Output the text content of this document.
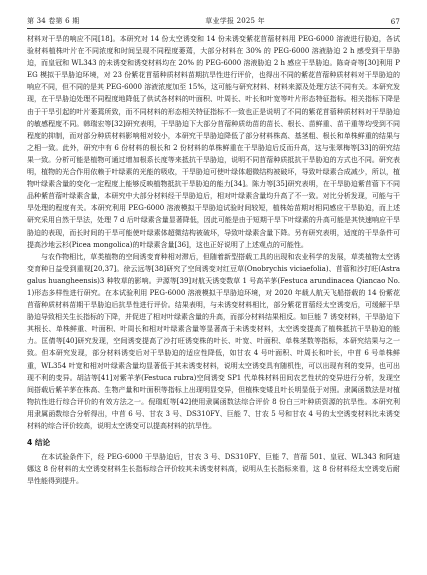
第 34 卷第 6 期	草业学报 2025 年	67

材料对干旱的响应不同[18]。本研究对 14 份太空诱变和 14 份未诱变紫花苜蓿材料用 PEG-6000 溶液进行胁迫，各试验材料植株叶片在不同浓度和时间呈现不同程度萎蔫，大部分材料在 30% 的 PEG-6000 溶液胁迫 2 h 感受到干旱胁迫，而皇冠和 WL343 的未诱变和诱变材料均在 20% 的 PEG-6000 溶液胁迫 2 h 感应干旱胁迫。陈奇奇等[30]利用 PEG 模拟干旱胁迫环境，对 23 份紫花苜蓿种质材料苗期抗旱性进行评价，也得出不同的紫花苜蓿种质材料对干旱胁迫的响应不同，但不同的是其 PEG-6000 溶液浓度加至 15%，这可能与研究材料、材料来源及处理方法不同有关。本研究发现，在干旱胁迫处理不同程度地降低了供试各材料的叶面积、叶周长、叶长和叶宽等叶片形态特征指标。相关指标下降是由于干旱引起的叶片萎蔫所致，而不同材料的形态相关特征指标不一致也正是说明了不同的紫花苜蓿种质材料对干旱胁迫的敏感程度不同。韩瑞宏等[32]研究表明，干旱胁迫下大部分苜蓿种质幼苗的苗长、根长、苗鲜重、苗干重等均受到不同程度的抑制，而对部分种质材料影响相对较小，本研究干旱胁迫降低了部分材料株高、基茎粗、根长和单株鲜重的结果与之相一致。此外，研究中有 6 份材料的根长和 2 份材料的单株鲜重在干旱胁迫后反而升高，这与张翠梅等[33]的研究结果一致。分析可能是植物可通过增加根系长度等来抵抗干旱胁迫，说明不同苜蓿种质抵抗干旱胁迫的方式也不同。研究表明，植物的光合作用依赖于叶绿素的光能的吸收，干旱胁迫可使叶绿体超微结构被破坏，导致叶绿素合成减少，所以，植物叶绿素含量的变化一定程度上能够反映植物抵抗干旱胁迫的能力[34]。陈力等[35]研究表明，在干旱胁迫紫苜蓿下不同品种紫苜蓿叶绿素含量，本研究中大部分材料经干旱胁迫后，相对叶绿素含量均升高了不一致。对比分析发现，可能与干旱处理的程度有关。本研究利用 PEG-6000 溶液模拟干旱胁迫试验时间较短，植株始苗期对相同感应干旱胁迫，而上述研究采用自然干旱法，处理 7 d 后叶绿素含量显著降低，因此可能是由于短期干旱下叶绿素的升高可能是其快速响应干旱胁迫的表现，而长时间的干旱可能使叶绿素体超微结构被破坏，导致叶绿素含量下降。另有研究表明，适度的干旱条件可提高沙地云杉(Picea mongolica)的叶绿素含量[36]，这也正好说明了上述观点的可能性。

与农作物相比，草类植物的空间诱变育种相对滞后，但随着新型搭载工具的出现和农业科学的发展，草类植物太空诱变育种日益受到重视[20,37]。徐云远等[38]研究了空间诱变对红豆草(Onobrychis viciaefolia)、苜蓿和沙打旺(Astragalus huangheensis)3 种牧草的影响。尹源等[39]对航天诱变数草 1 号高羊茅(Festuca arundinacea Qiancao No. 1)形态多样性进行研究。在本试验利用 PEG-6000 溶液模拟干旱胁迫环境，对 2020 年载人航天飞船搭载的 14 份紫花苜蓿种质材料苗期干旱胁迫后抗旱性进行评价。结果表明，与未诱变材料相比，部分紫花苜蓿经太空诱变后，可缓解干旱胁迫导致相关生长指标的下降，并促进了相对叶绿素含量的升高，而部分材料结果相反。如巨能 7 诱变材料，干旱胁迫下其根长、单株鲜重、叶面积、叶周长和相对叶绿素含量等显著高于未诱变材料，太空诱变提高了植株抵抗干旱胁迫的能力。匡倩等[40]研究发现，空间诱变提高了沙打旺诱变株的叶长、叶宽、叶面积、单株茎数等指标，本研究结果与之一致。但本研究发现，部分材料诱变后对干旱胁迫的适应性降低，如甘农 4 号叶面积、叶周长和叶长，中苜 6 号单株鲜重，WL354 叶宽和相对叶绿素含量均显著低于其未诱变材料，说明太空诱变具有随机性，可以出现有利的变异，也可出现不利的变异。胡洁等[41]对紫羊茅(Festuca rubra)空间诱变 SP1 代单株材料田间农艺性状的变异进行分析，发现空间搭载后紫羊茅在株高、生物产量和叶面积等指标上出现明显变异，但植株变矮且叶长明显低于对照。隶属函数法是对植物抗性进行综合评价的有效方法之一。倪瑞虹等[42]使用隶属函数法综合评价 8 份白三叶种质资源的抗旱性。本研究利用隶属函数综合分析得出，中苜 6 号、甘农 3 号、DS310FY、巨能 7、甘农 5 号和甘农 4 号的太空诱变材料比未诱变材料的综合评价较高，说明太空诱变可以提高材料的抗旱性。

4 结论

在本试验条件下，经 PEG-6000 干旱胁迫后，甘农 3 号、DS310FY、巨能 7、苜蓿 501、皇冠、WL343 和阿迪娜这 8 份材料的太空诱变材料生长指标综合评价较其未诱变材料高，说明从生长指标来看，这 8 份材料经太空诱变后耐旱性能得到提升。
